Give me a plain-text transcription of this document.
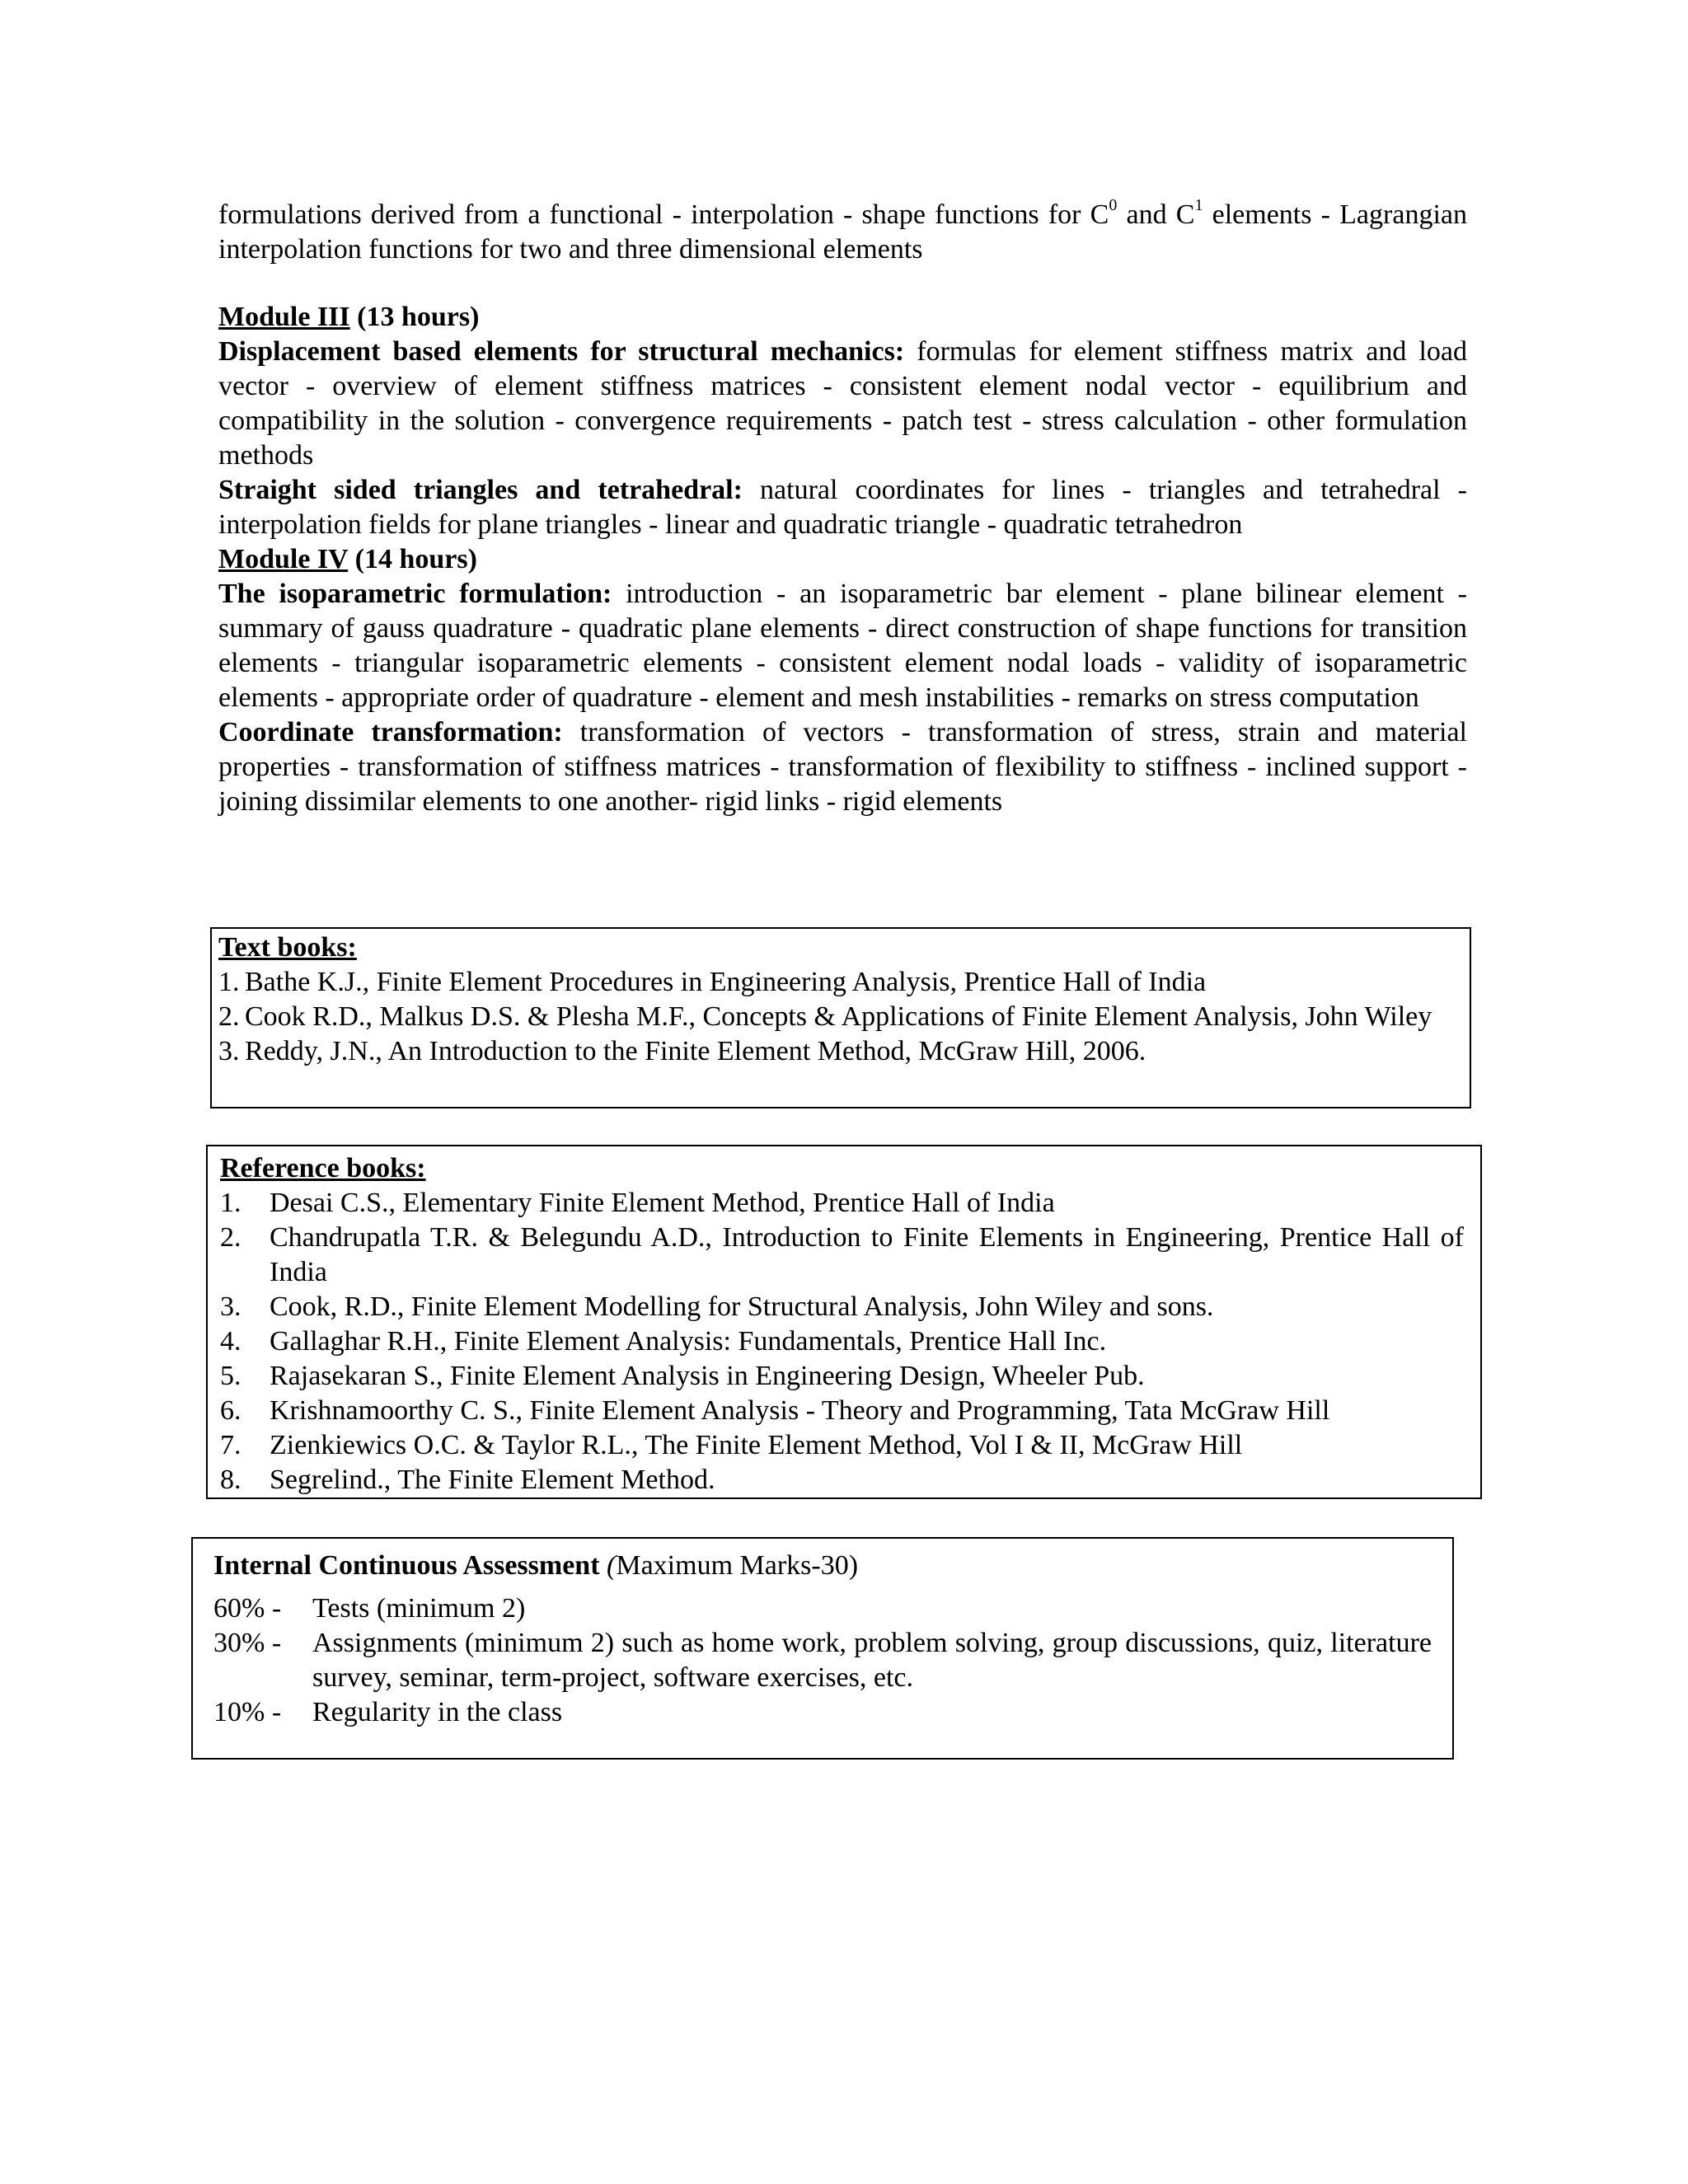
formulations derived from a functional - interpolation - shape functions for $C^0$ and $C^1$ elements - Lagrangian interpolation functions for two and three dimensional elements

Module III (13 hours)

Displacement based elements for structural mechanics: formulas for element stiffness matrix and load vector - overview of element stiffness matrices - consistent element nodal vector - equilibrium and compatibility in the solution - convergence requirements - patch test - stress calculation - other formulation methods

Straight sided triangles and tetrahedral: natural coordinates for lines - triangles and tetrahedral - interpolation fields for plane triangles - linear and quadratic triangle - quadratic tetrahedron

Module IV (14 hours)

The isoparametric formulation: introduction - an isoparametric bar element - plane bilinear element - summary of gauss quadrature - quadratic plane elements - direct construction of shape functions for transition elements - triangular isoparametric elements - consistent element nodal loads - validity of isoparametric elements - appropriate order of quadrature - element and mesh instabilities - remarks on stress computation

Coordinate transformation: transformation of vectors - transformation of stress, strain and material properties - transformation of stiffness matrices - transformation of flexibility to stiffness - inclined support - joining dissimilar elements to one another- rigid links - rigid elements

Text books:

1. Bathe K.J., Finite Element Procedures in Engineering Analysis, Prentice Hall of India
2. Cook R.D., Malkus D.S. & Plesha M.F., Concepts & Applications of Finite Element Analysis, John Wiley
3. Reddy, J.N., An Introduction to the Finite Element Method, McGraw Hill, 2006.

Reference books:

1.	Desai C.S., Elementary Finite Element Method, Prentice Hall of India
2.	Chandrupatla T.R. & Belegundu A.D., Introduction to Finite Elements in Engineering, Prentice Hall of India
3.	Cook, R.D., Finite Element Modelling for Structural Analysis, John Wiley and sons.
4.	Gallaghar R.H., Finite Element Analysis: Fundamentals, Prentice Hall Inc.
5.	Rajasekaran S., Finite Element Analysis in Engineering Design, Wheeler Pub.
6.	Krishnamoorthy C. S., Finite Element Analysis - Theory and Programming, Tata McGraw Hill
7.	Zienkiewics O.C. & Taylor R.L., The Finite Element Method, Vol I & II, McGraw Hill
8.	Segrelind., The Finite Element Method.

Internal Continuous Assessment (Maximum Marks-30)

60% -	Tests (minimum 2)
30% -	Assignments (minimum 2) such as home work, problem solving, group discussions, quiz, literature survey, seminar, term-project, software exercises, etc.
10% -	Regularity in the class
